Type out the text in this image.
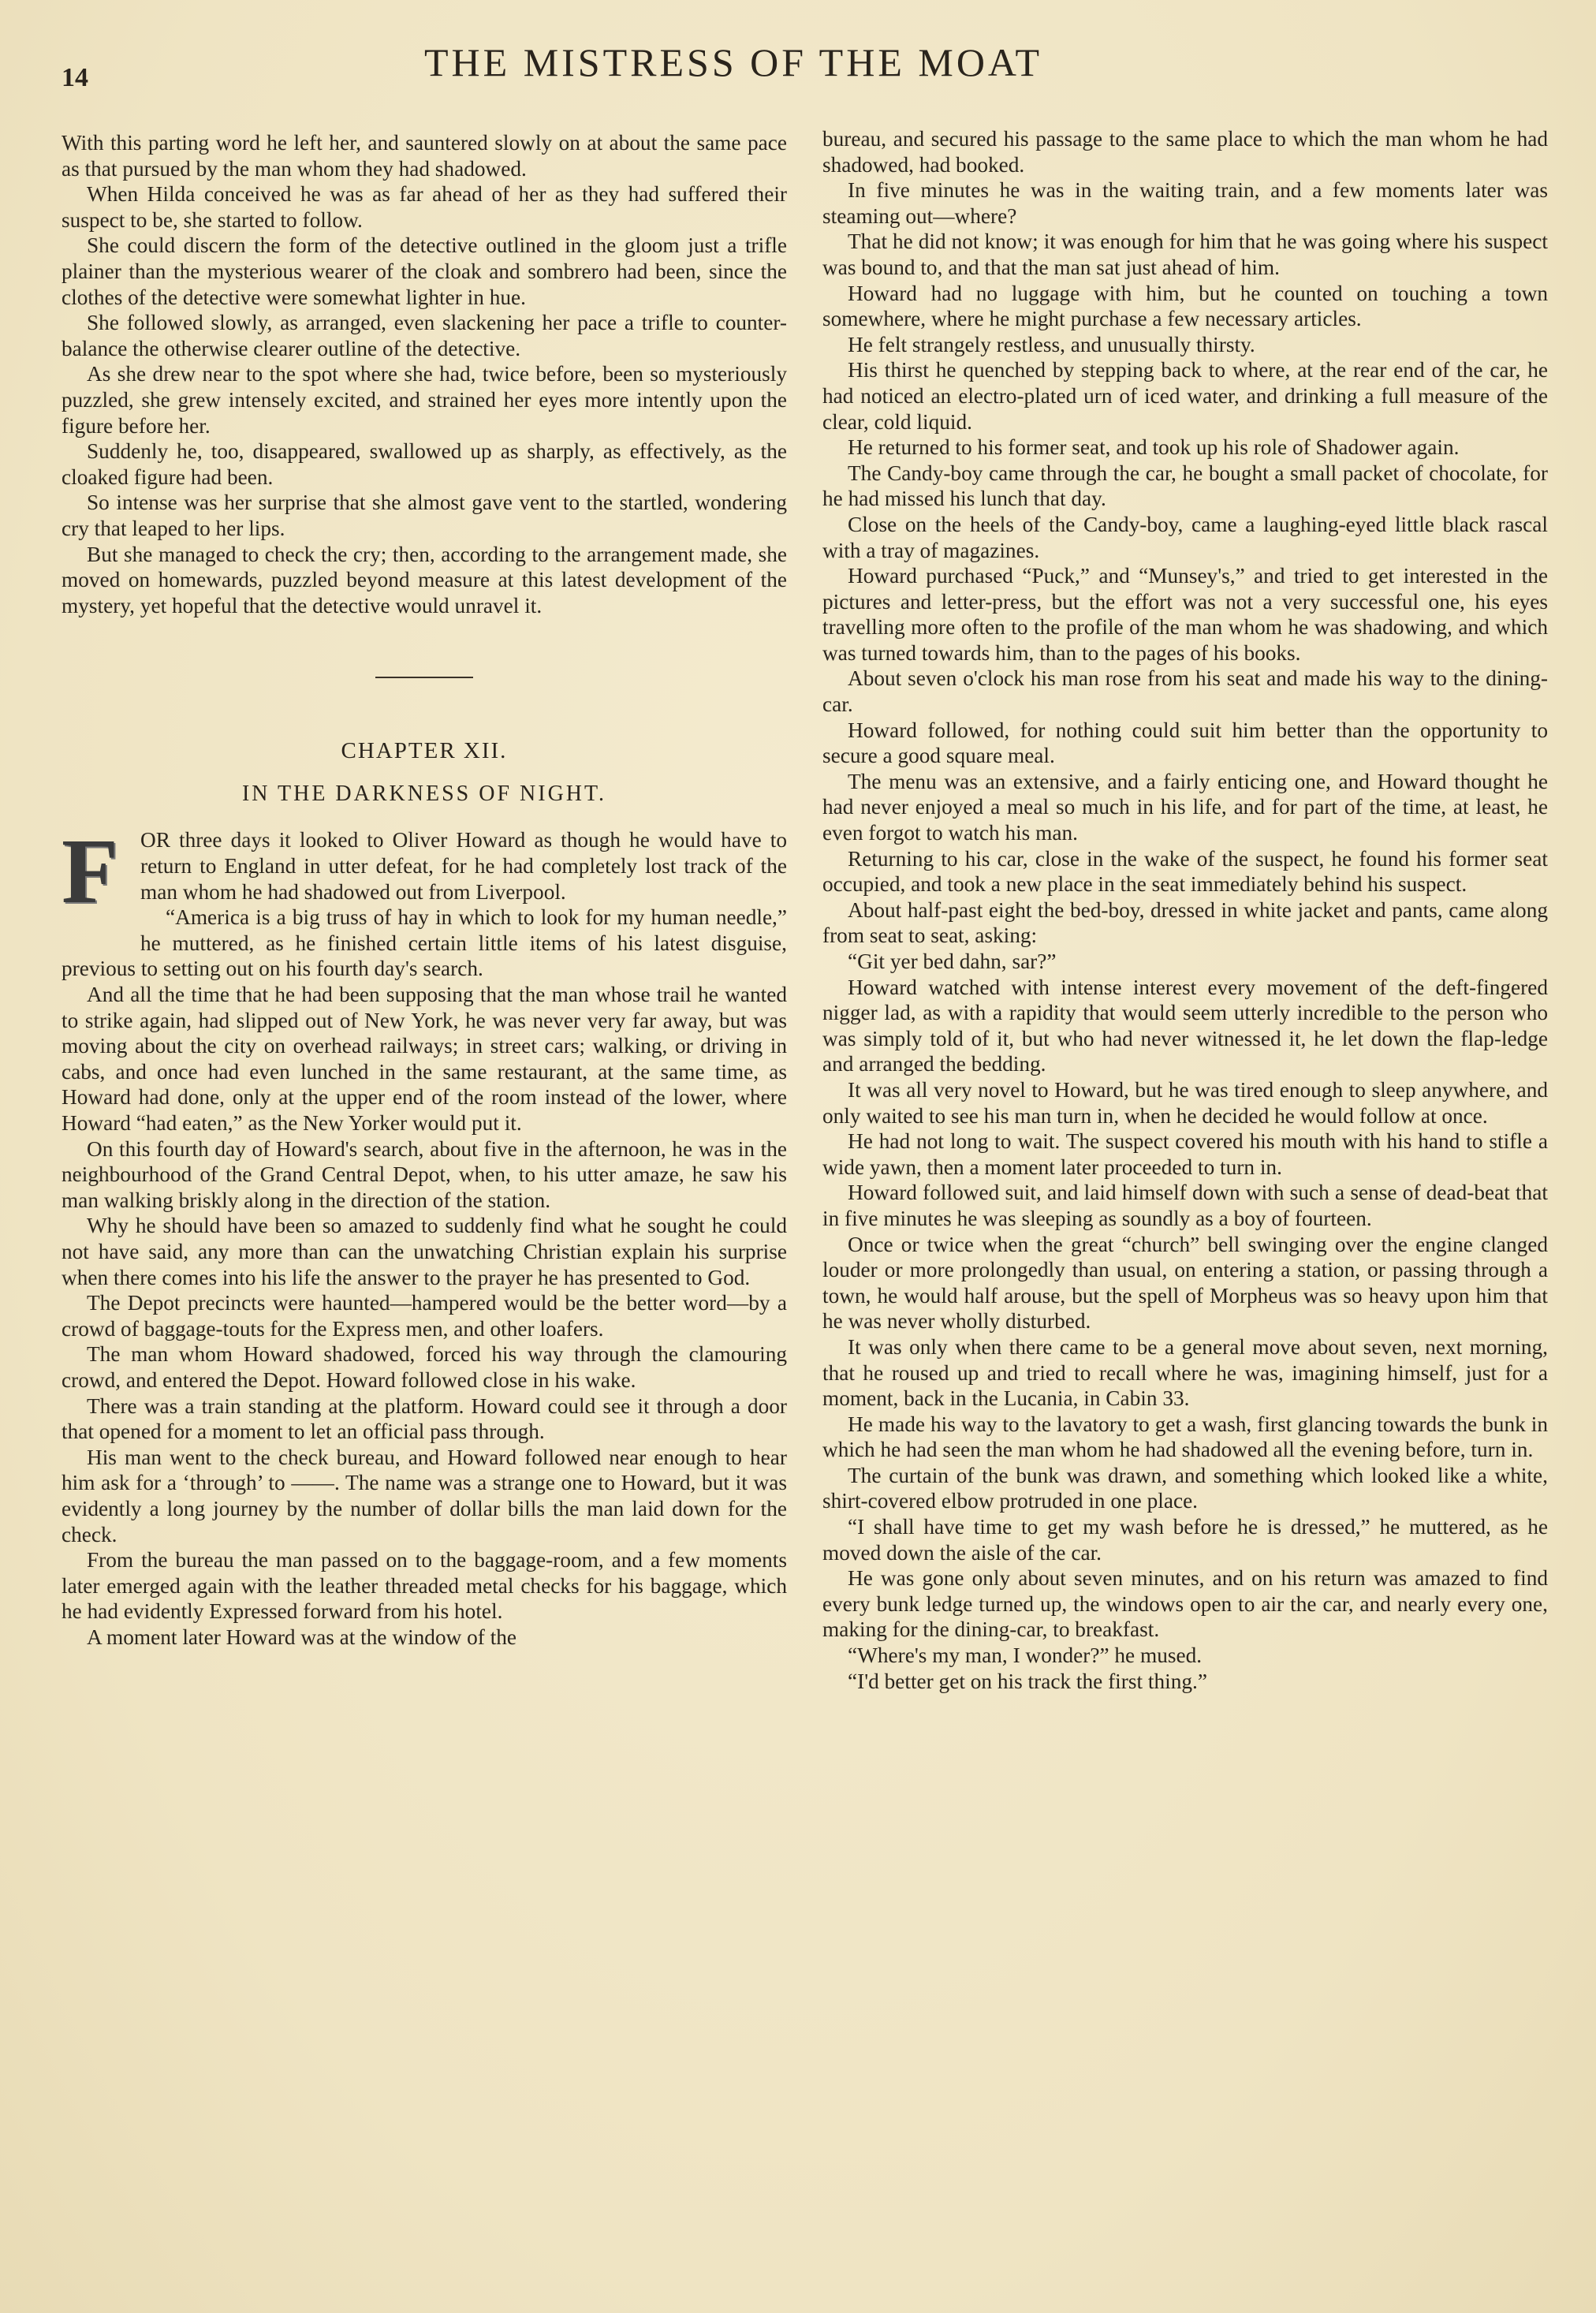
14	THE MISTRESS OF THE MOAT

With this parting word he left her, and sauntered slowly on at about the same pace as that pursued by the man whom they had shadowed.

When Hilda conceived he was as far ahead of her as they had suffered their suspect to be, she started to follow.

She could discern the form of the detective outlined in the gloom just a trifle plainer than the mysterious wearer of the cloak and sombrero had been, since the clothes of the detective were somewhat lighter in hue.

She followed slowly, as arranged, even slackening her pace a trifle to counter-balance the otherwise clearer outline of the detective.

As she drew near to the spot where she had, twice before, been so mysteriously puzzled, she grew intensely excited, and strained her eyes more intently upon the figure before her.

Suddenly he, too, disappeared, swallowed up as sharply, as effectively, as the cloaked figure had been.

So intense was her surprise that she almost gave vent to the startled, wondering cry that leaped to her lips.

But she managed to check the cry; then, according to the arrangement made, she moved on homewards, puzzled beyond measure at this latest development of the mystery, yet hopeful that the detective would unravel it.

CHAPTER XII.
IN THE DARKNESS OF NIGHT.

F	OR three days it looked to Oliver Howard as though he would have to return to England in utter defeat, for he had completely lost track of the man whom he had shadowed out from Liverpool.

“America is a big truss of hay in which to look for my human needle,” he muttered, as he finished certain little items of his latest disguise, previous to setting out on his fourth day's search.

And all the time that he had been supposing that the man whose trail he wanted to strike again, had slipped out of New York, he was never very far away, but was moving about the city on overhead railways; in street cars; walking, or driving in cabs, and once had even lunched in the same restaurant, at the same time, as Howard had done, only at the upper end of the room instead of the lower, where Howard “had eaten,” as the New Yorker would put it.

On this fourth day of Howard's search, about five in the afternoon, he was in the neighbourhood of the Grand Central Depot, when, to his utter amaze, he saw his man walking briskly along in the direction of the station.

Why he should have been so amazed to suddenly find what he sought he could not have said, any more than can the unwatching Christian explain his surprise when there comes into his life the answer to the prayer he has presented to God.

The Depot precincts were haunted—hampered would be the better word—by a crowd of baggage-touts for the Express men, and other loafers.

The man whom Howard shadowed, forced his way through the clamouring crowd, and entered the Depot. Howard followed close in his wake.

There was a train standing at the platform. Howard could see it through a door that opened for a moment to let an official pass through.

His man went to the check bureau, and Howard followed near enough to hear him ask for a ‘through’ to ——. The name was a strange one to Howard, but it was evidently a long journey by the number of dollar bills the man laid down for the check.

From the bureau the man passed on to the baggage-room, and a few moments later emerged again with the leather threaded metal checks for his baggage, which he had evidently Expressed forward from his hotel.

A moment later Howard was at the window of the

bureau, and secured his passage to the same place to which the man whom he had shadowed, had booked.

In five minutes he was in the waiting train, and a few moments later was steaming out—where?

That he did not know; it was enough for him that he was going where his suspect was bound to, and that the man sat just ahead of him.

Howard had no luggage with him, but he counted on touching a town somewhere, where he might purchase a few necessary articles.

He felt strangely restless, and unusually thirsty.

His thirst he quenched by stepping back to where, at the rear end of the car, he had noticed an electro-plated urn of iced water, and drinking a full measure of the clear, cold liquid.

He returned to his former seat, and took up his role of Shadower again.

The Candy-boy came through the car, he bought a small packet of chocolate, for he had missed his lunch that day.

Close on the heels of the Candy-boy, came a laughing-eyed little black rascal with a tray of magazines.

Howard purchased “Puck,” and “Munsey's,” and tried to get interested in the pictures and letter-press, but the effort was not a very successful one, his eyes travelling more often to the profile of the man whom he was shadowing, and which was turned towards him, than to the pages of his books.

About seven o'clock his man rose from his seat and made his way to the dining-car.

Howard followed, for nothing could suit him better than the opportunity to secure a good square meal.

The menu was an extensive, and a fairly enticing one, and Howard thought he had never enjoyed a meal so much in his life, and for part of the time, at least, he even forgot to watch his man.

Returning to his car, close in the wake of the suspect, he found his former seat occupied, and took a new place in the seat immediately behind his suspect.

About half-past eight the bed-boy, dressed in white jacket and pants, came along from seat to seat, asking:

“Git yer bed dahn, sar?”

Howard watched with intense interest every movement of the deft-fingered nigger lad, as with a rapidity that would seem utterly incredible to the person who was simply told of it, but who had never witnessed it, he let down the flap-ledge and arranged the bedding.

It was all very novel to Howard, but he was tired enough to sleep anywhere, and only waited to see his man turn in, when he decided he would follow at once.

He had not long to wait. The suspect covered his mouth with his hand to stifle a wide yawn, then a moment later proceeded to turn in.

Howard followed suit, and laid himself down with such a sense of dead-beat that in five minutes he was sleeping as soundly as a boy of fourteen.

Once or twice when the great “church” bell swinging over the engine clanged louder or more prolongedly than usual, on entering a station, or passing through a town, he would half arouse, but the spell of Morpheus was so heavy upon him that he was never wholly disturbed.

It was only when there came to be a general move about seven, next morning, that he roused up and tried to recall where he was, imagining himself, just for a moment, back in the Lucania, in Cabin 33.

He made his way to the lavatory to get a wash, first glancing towards the bunk in which he had seen the man whom he had shadowed all the evening before, turn in.

The curtain of the bunk was drawn, and something which looked like a white, shirt-covered elbow protruded in one place.

“I shall have time to get my wash before he is dressed,” he muttered, as he moved down the aisle of the car.

He was gone only about seven minutes, and on his return was amazed to find every bunk ledge turned up, the windows open to air the car, and nearly every one, making for the dining-car, to breakfast.

“Where's my man, I wonder?” he mused.

“I'd better get on his track the first thing.”
